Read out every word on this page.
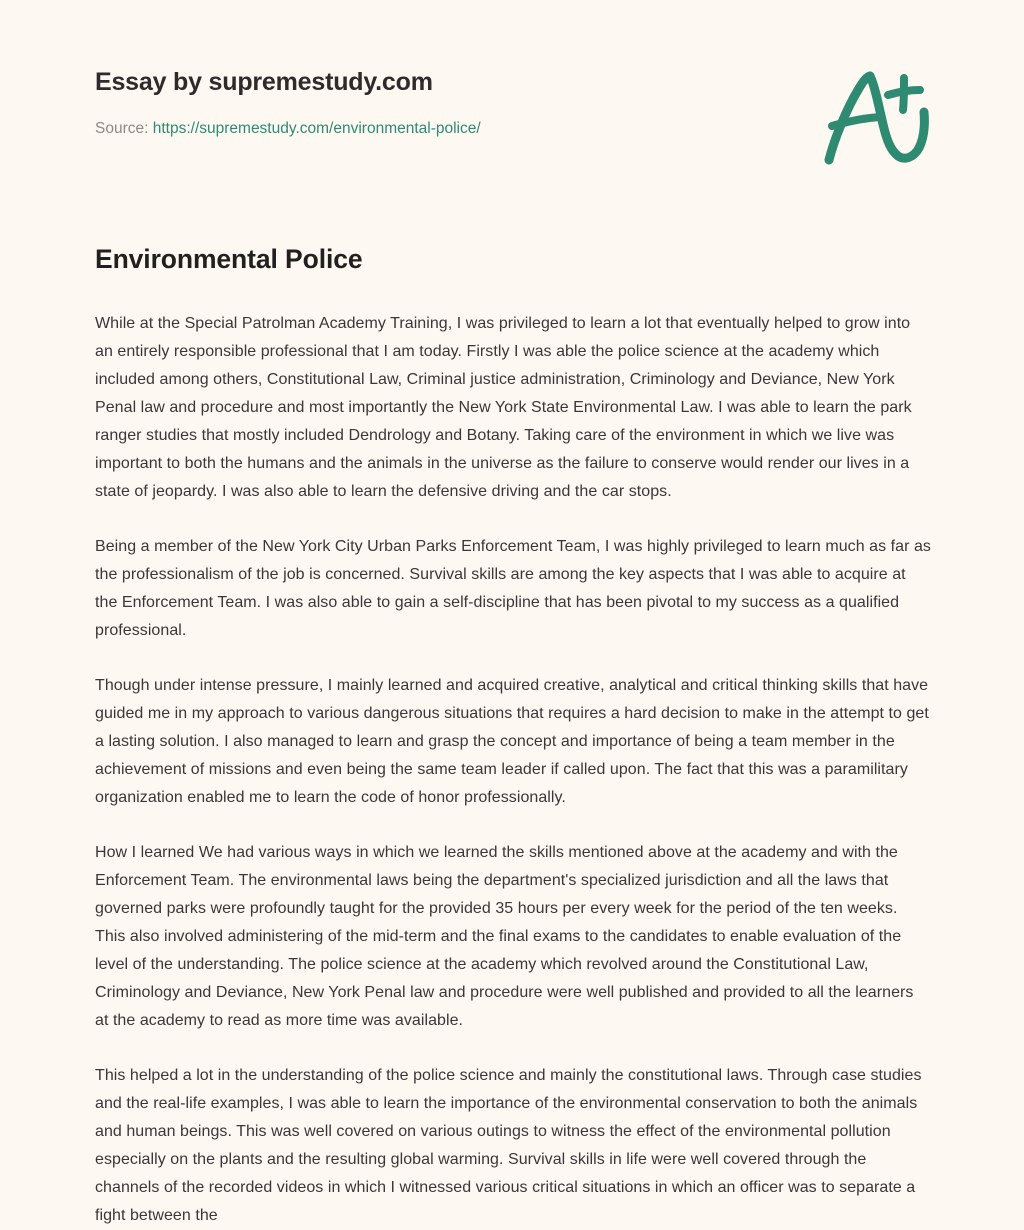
Essay by supremestudy.com
Source: https://supremestudy.com/environmental-police/
Environmental Police

While at the Special Patrolman Academy Training, I was privileged to learn a lot that eventually helped to grow into an entirely responsible professional that I am today. Firstly I was able the police science at the academy which included among others, Constitutional Law, Criminal justice administration, Criminology and Deviance, New York Penal law and procedure and most importantly the New York State Environmental Law. I was able to learn the park ranger studies that mostly included Dendrology and Botany. Taking care of the environment in which we live was important to both the humans and the animals in the universe as the failure to conserve would render our lives in a state of jeopardy. I was also able to learn the defensive driving and the car stops.

Being a member of the New York City Urban Parks Enforcement Team, I was highly privileged to learn much as far as the professionalism of the job is concerned. Survival skills are among the key aspects that I was able to acquire at the Enforcement Team. I was also able to gain a self-discipline that has been pivotal to my success as a qualified professional.

Though under intense pressure, I mainly learned and acquired creative, analytical and critical thinking skills that have guided me in my approach to various dangerous situations that requires a hard decision to make in the attempt to get a lasting solution. I also managed to learn and grasp the concept and importance of being a team member in the achievement of missions and even being the same team leader if called upon. The fact that this was a paramilitary organization enabled me to learn the code of honor professionally.

How I learned We had various ways in which we learned the skills mentioned above at the academy and with the Enforcement Team. The environmental laws being the department's specialized jurisdiction and all the laws that governed parks were profoundly taught for the provided 35 hours per every week for the period of the ten weeks. This also involved administering of the mid-term and the final exams to the candidates to enable evaluation of the level of the understanding. The police science at the academy which revolved around the Constitutional Law, Criminology and Deviance, New York Penal law and procedure were well published and provided to all the learners at the academy to read as more time was available.

This helped a lot in the understanding of the police science and mainly the constitutional laws. Through case studies and the real-life examples, I was able to learn the importance of the environmental conservation to both the animals and human beings. This was well covered on various outings to witness the effect of the environmental pollution especially on the plants and the resulting global warming. Survival skills in life were well covered through the channels of the recorded videos in which I witnessed various critical situations in which an officer was to separate a fight between the
